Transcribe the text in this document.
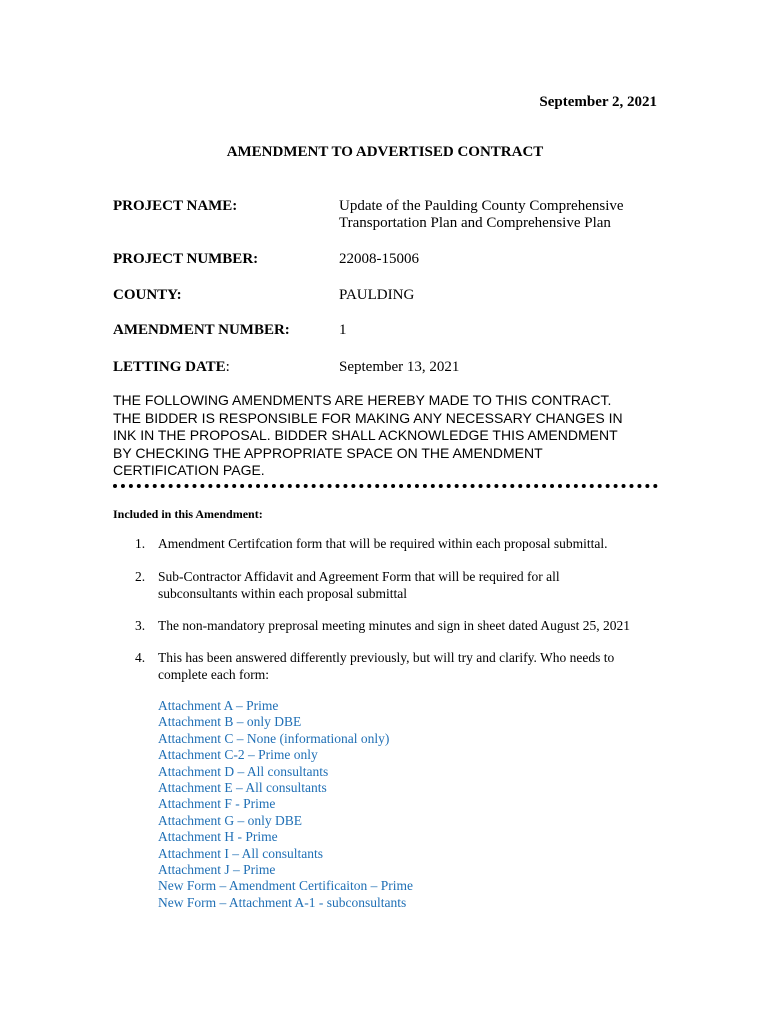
September 2, 2021
AMENDMENT TO ADVERTISED CONTRACT
PROJECT NAME:	Update of the Paulding County Comprehensive
Transportation Plan and Comprehensive Plan
PROJECT NUMBER:	22008-15006
COUNTY:	PAULDING
AMENDMENT NUMBER:	1
LETTING DATE:	September 13, 2021
THE FOLLOWING AMENDMENTS ARE HEREBY MADE TO THIS CONTRACT.
THE BIDDER IS RESPONSIBLE FOR MAKING ANY NECESSARY CHANGES IN
INK IN THE PROPOSAL. BIDDER SHALL ACKNOWLEDGE THIS AMENDMENT
BY CHECKING THE APPROPRIATE SPACE ON THE AMENDMENT
CERTIFICATION PAGE.
Included in this Amendment:
1. Amendment Certifcation form that will be required within each proposal submittal.
2. Sub-Contractor Affidavit and Agreement Form that will be required for all
subconsultants within each proposal submittal
3. The non-mandatory preprosal meeting minutes and sign in sheet dated August 25, 2021
4. This has been answered differently previously, but will try and clarify. Who needs to
complete each form:
Attachment A – Prime
Attachment B – only DBE
Attachment C – None (informational only)
Attachment C-2 – Prime only
Attachment D – All consultants
Attachment E – All consultants
Attachment F - Prime
Attachment G – only DBE
Attachment H - Prime
Attachment I – All consultants
Attachment J – Prime
New Form – Amendment Certificaiton – Prime
New Form – Attachment A-1 - subconsultants
